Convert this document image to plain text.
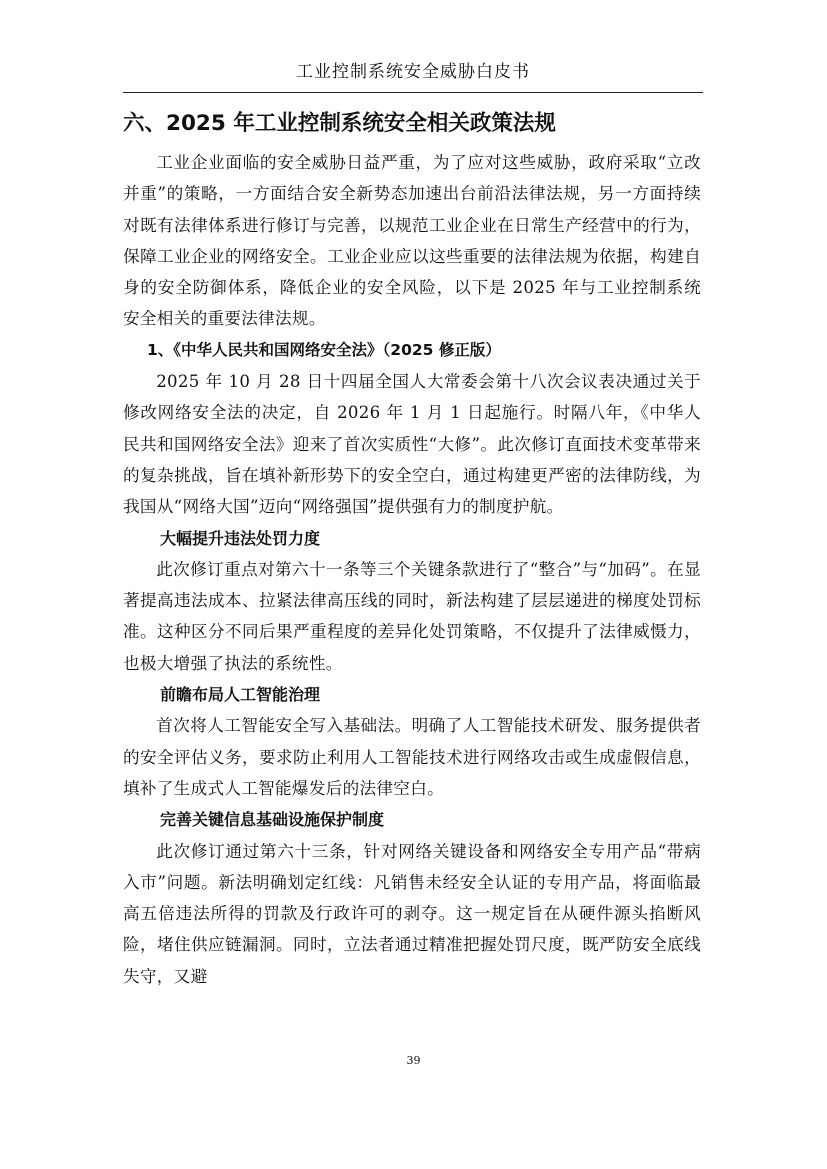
工业控制系统安全威胁白皮书
六、2025 年工业控制系统安全相关政策法规

工业企业面临的安全威胁日益严重，为了应对这些威胁，政府采取“立改并重”的策略，一方面结合安全新势态加速出台前沿法律法规，另一方面持续对既有法律体系进行修订与完善，以规范工业企业在日常生产经营中的行为，保障工业企业的网络安全。工业企业应以这些重要的法律法规为依据，构建自身的安全防御体系，降低企业的安全风险，以下是 2025 年与工业控制系统安全相关的重要法律法规。

1、《中华人民共和国网络安全法》（2025 修正版）

2025 年 10 月 28 日十四届全国人大常委会第十八次会议表决通过关于修改网络安全法的决定，自 2026 年 1 月 1 日起施行。时隔八年，《中华人民共和国网络安全法》迎来了首次实质性“大修”。此次修订直面技术变革带来的复杂挑战，旨在填补新形势下的安全空白，通过构建更严密的法律防线，为我国从“网络大国”迈向“网络强国”提供强有力的制度护航。

大幅提升违法处罚力度

此次修订重点对第六十一条等三个关键条款进行了“整合”与“加码”。在显著提高违法成本、拉紧法律高压线的同时，新法构建了层层递进的梯度处罚标准。这种区分不同后果严重程度的差异化处罚策略，不仅提升了法律威慑力，也极大增强了执法的系统性。

前瞻布局人工智能治理

首次将人工智能安全写入基础法。明确了人工智能技术研发、服务提供者的安全评估义务，要求防止利用人工智能技术进行网络攻击或生成虚假信息，填补了生成式人工智能爆发后的法律空白。

完善关键信息基础设施保护制度

此次修订通过第六十三条，针对网络关键设备和网络安全专用产品“带病入市”问题。新法明确划定红线：凡销售未经安全认证的专用产品，将面临最高五倍违法所得的罚款及行政许可的剥夺。这一规定旨在从硬件源头掐断风险，堵住供应链漏洞。同时，立法者通过精准把握处罚尺度，既严防安全底线失守，又避

39
